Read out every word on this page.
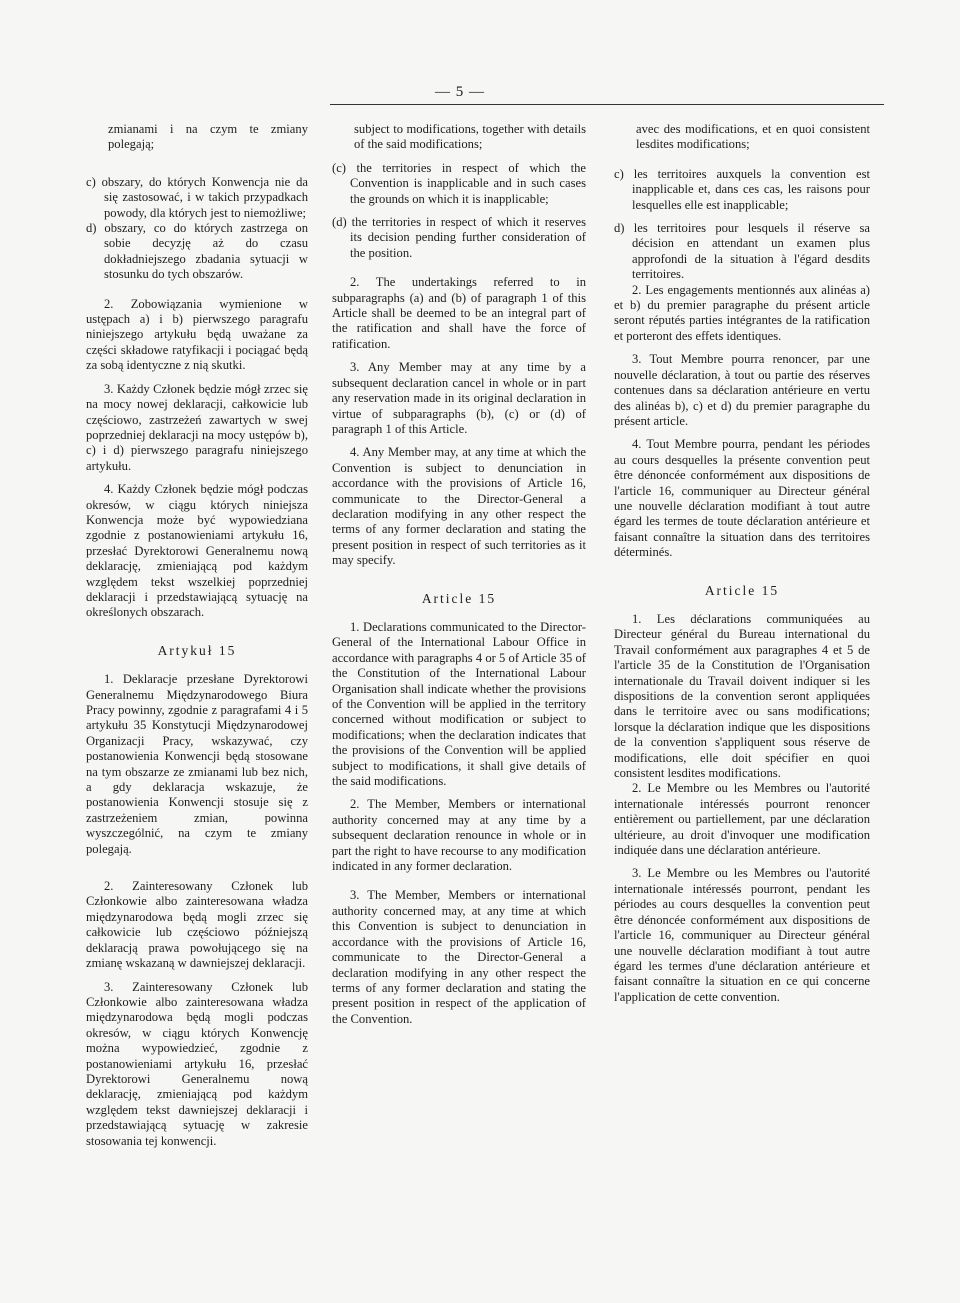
— 5 —

zmianami i na czym te zmiany polegają;

c) obszary, do których Konwencja nie da się zastosować, i w takich przypadkach powody, dla których jest to niemożliwe;

d) obszary, co do których zastrzega on sobie decyzję aż do czasu dokładniejszego zbadania sytuacji w stosunku do tych obszarów.

2. Zobowiązania wymienione w ustępach a) i b) pierwszego paragrafu niniejszego artykułu będą uważane za części składowe ratyfikacji i pociągać będą za sobą identyczne z nią skutki.

3. Każdy Członek będzie mógł zrzec się na mocy nowej deklaracji, całkowicie lub częściowo, zastrzeżeń zawartych w swej poprzedniej deklaracji na mocy ustępów b), c) i d) pierwszego paragrafu niniejszego artykułu.

4. Każdy Członek będzie mógł podczas okresów, w ciągu których niniejsza Konwencja może być wypowiedziana zgodnie z postanowieniami artykułu 16, przesłać Dyrektorowi Generalnemu nową deklarację, zmieniającą pod każdym względem tekst wszelkiej poprzedniej deklaracji i przedstawiającą sytuację na określonych obszarach.

Artykuł 15

1. Deklaracje przesłane Dyrektorowi Generalnemu Międzynarodowego Biura Pracy powinny, zgodnie z paragrafami 4 i 5 artykułu 35 Konstytucji Międzynarodowej Organizacji Pracy, wskazywać, czy postanowienia Konwencji będą stosowane na tym obszarze ze zmianami lub bez nich, a gdy deklaracja wskazuje, że postanowienia Konwencji stosuje się z zastrzeżeniem zmian, powinna wyszczególnić, na czym te zmiany polegają.

2. Zainteresowany Członek lub Członkowie albo zainteresowana władza międzynarodowa będą mogli zrzec się całkowicie lub częściowo późniejszą deklaracją prawa powołującego się na zmianę wskazaną w dawniejszej deklaracji.

3. Zainteresowany Członek lub Członkowie albo zainteresowana władza międzynarodowa będą mogli podczas okresów, w ciągu których Konwencję można wypowiedzieć, zgodnie z postanowieniami artykułu 16, przesłać Dyrektorowi Generalnemu nową deklarację, zmieniającą pod każdym względem tekst dawniejszej deklaracji i przedstawiającą sytuację w zakresie stosowania tej konwencji.

subject to modifications, together with details of the said modifications;

(c) the territories in respect of which the Convention is inapplicable and in such cases the grounds on which it is inapplicable;

(d) the territories in respect of which it reserves its decision pending further consideration of the position.

2. The undertakings referred to in subparagraphs (a) and (b) of paragraph 1 of this Article shall be deemed to be an integral part of the ratification and shall have the force of ratification.

3. Any Member may at any time by a subsequent declaration cancel in whole or in part any reservation made in its original declaration in virtue of subparagraphs (b), (c) or (d) of paragraph 1 of this Article.

4. Any Member may, at any time at which the Convention is subject to denunciation in accordance with the provisions of Article 16, communicate to the Director-General a declaration modifying in any other respect the terms of any former declaration and stating the present position in respect of such territories as it may specify.

Article 15

1. Declarations communicated to the Director-General of the International Labour Office in accordance with paragraphs 4 or 5 of Article 35 of the Constitution of the International Labour Organisation shall indicate whether the provisions of the Convention will be applied in the territory concerned without modification or subject to modifications; when the declaration indicates that the provisions of the Convention will be applied subject to modifications, it shall give details of the said modifications.

2. The Member, Members or international authority concerned may at any time by a subsequent declaration renounce in whole or in part the right to have recourse to any modification indicated in any former declaration.

3. The Member, Members or international authority concerned may, at any time at which this Convention is subject to denunciation in accordance with the provisions of Article 16, communicate to the Director-General a declaration modifying in any other respect the terms of any former declaration and stating the present position in respect of the application of the Convention.

avec des modifications, et en quoi consistent lesdites modifications;

c) les territoires auxquels la convention est inapplicable et, dans ces cas, les raisons pour lesquelles elle est inapplicable;

d) les territoires pour lesquels il réserve sa décision en attendant un examen plus approfondi de la situation à l'égard desdits territoires.

2. Les engagements mentionnés aux alinéas a) et b) du premier paragraphe du présent article seront réputés parties intégrantes de la ratification et porteront des effets identiques.

3. Tout Membre pourra renoncer, par une nouvelle déclaration, à tout ou partie des réserves contenues dans sa déclaration antérieure en vertu des alinéas b), c) et d) du premier paragraphe du présent article.

4. Tout Membre pourra, pendant les périodes au cours desquelles la présente convention peut être dénoncée conformément aux dispositions de l'article 16, communiquer au Directeur général une nouvelle déclaration modifiant à tout autre égard les termes de toute déclaration antérieure et faisant connaître la situation dans des territoires déterminés.

Article 15

1. Les déclarations communiquées au Directeur général du Bureau international du Travail conformément aux paragraphes 4 et 5 de l'article 35 de la Constitution de l'Organisation internationale du Travail doivent indiquer si les dispositions de la convention seront appliquées dans le territoire avec ou sans modifications; lorsque la déclaration indique que les dispositions de la convention s'appliquent sous réserve de modifications, elle doit spécifier en quoi consistent lesdites modifications.

2. Le Membre ou les Membres ou l'autorité internationale intéressés pourront renoncer entièrement ou partiellement, par une déclaration ultérieure, au droit d'invoquer une modification indiquée dans une déclaration antérieure.

3. Le Membre ou les Membres ou l'autorité internationale intéressés pourront, pendant les périodes au cours desquelles la convention peut être dénoncée conformément aux dispositions de l'article 16, communiquer au Directeur général une nouvelle déclaration modifiant à tout autre égard les termes d'une déclaration antérieure et faisant connaître la situation en ce qui concerne l'application de cette convention.
